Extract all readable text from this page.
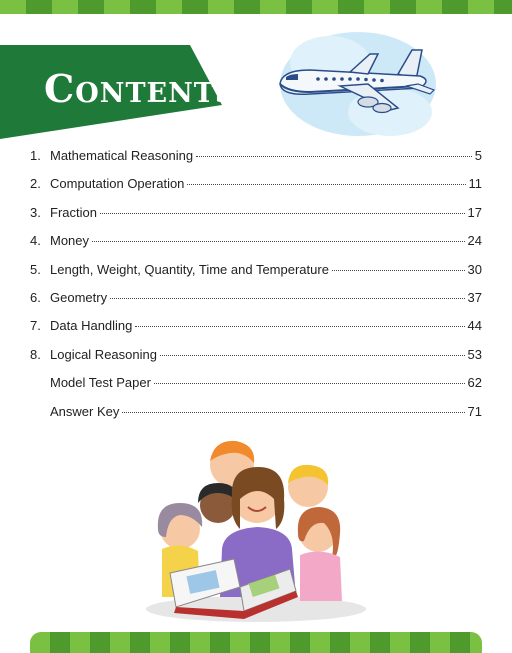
Contents
1. Mathematical Reasoning	5
2. Computation Operation	11
3. Fraction	17
4. Money	24
5. Length, Weight, Quantity, Time and Temperature	30
6. Geometry	37
7. Data Handling	44
8. Logical Reasoning	53
Model Test Paper	62
Answer Key	71
